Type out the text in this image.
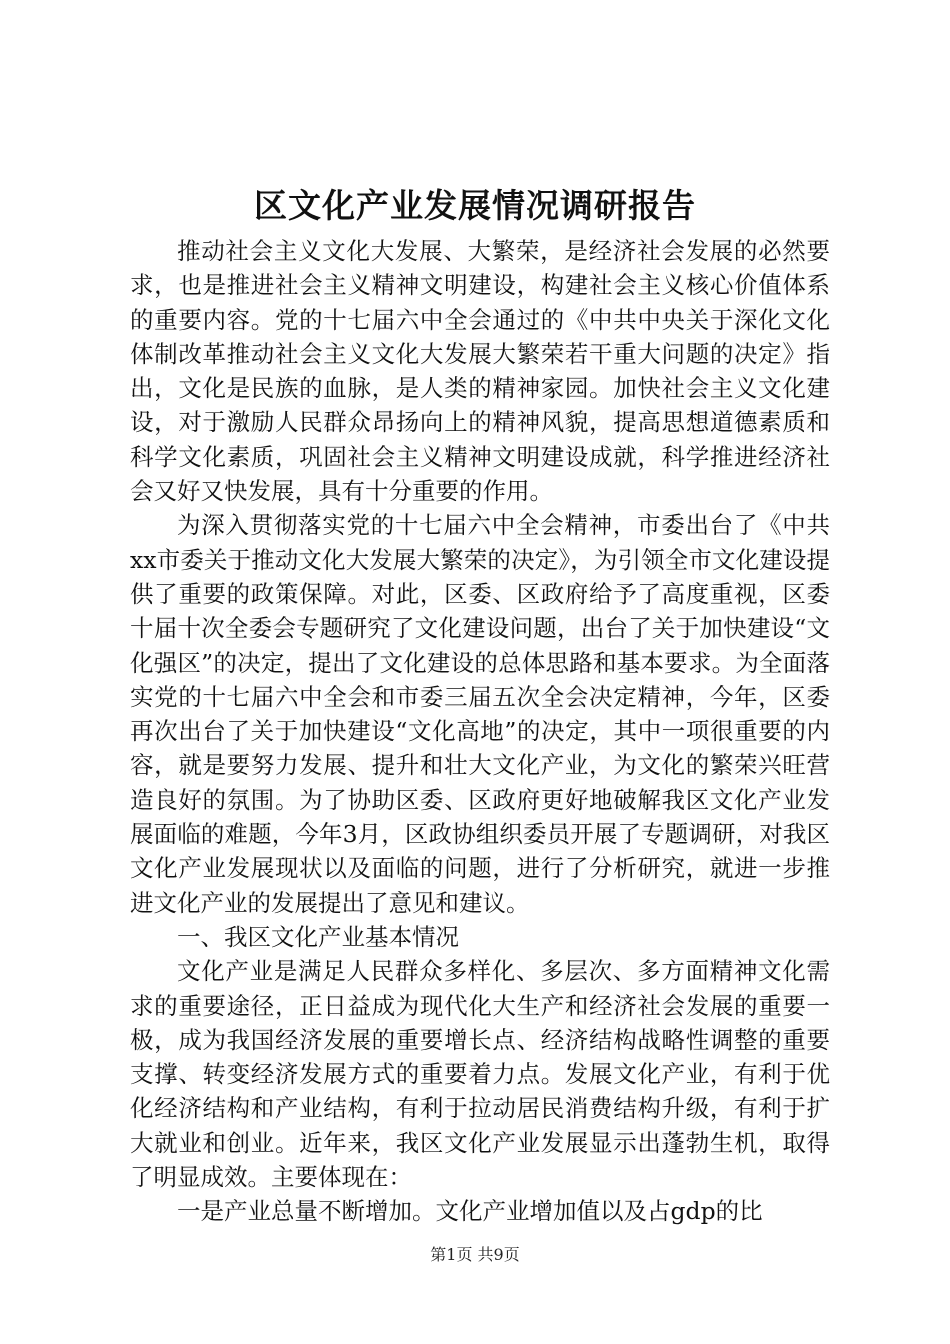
区文化产业发展情况调研报告

推动社会主义文化大发展、大繁荣，是经济社会发展的必然要求，也是推进社会主义精神文明建设，构建社会主义核心价值体系的重要内容。党的十七届六中全会通过的《中共中央关于深化文化体制改革推动社会主义文化大发展大繁荣若干重大问题的决定》指出，文化是民族的血脉，是人类的精神家园。加快社会主义文化建设，对于激励人民群众昂扬向上的精神风貌，提高思想道德素质和科学文化素质，巩固社会主义精神文明建设成就，科学推进经济社会又好又快发展，具有十分重要的作用。

为深入贯彻落实党的十七届六中全会精神，市委出台了《中共xx市委关于推动文化大发展大繁荣的决定》，为引领全市文化建设提供了重要的政策保障。对此，区委、区政府给予了高度重视，区委十届十次全委会专题研究了文化建设问题，出台了关于加快建设“文化强区”的决定，提出了文化建设的总体思路和基本要求。为全面落实党的十七届六中全会和市委三届五次全会决定精神，今年，区委再次出台了关于加快建设“文化高地”的决定，其中一项很重要的内容，就是要努力发展、提升和壮大文化产业，为文化的繁荣兴旺营造良好的氛围。为了协助区委、区政府更好地破解我区文化产业发展面临的难题，今年3月，区政协组织委员开展了专题调研，对我区文化产业发展现状以及面临的问题，进行了分析研究，就进一步推进文化产业的发展提出了意见和建议。

一、我区文化产业基本情况

文化产业是满足人民群众多样化、多层次、多方面精神文化需求的重要途径，正日益成为现代化大生产和经济社会发展的重要一极，成为我国经济发展的重要增长点、经济结构战略性调整的重要支撑、转变经济发展方式的重要着力点。发展文化产业，有利于优化经济结构和产业结构，有利于拉动居民消费结构升级，有利于扩大就业和创业。近年来，我区文化产业发展显示出蓬勃生机，取得了明显成效。主要体现在：

一是产业总量不断增加。文化产业增加值以及占gdp的比

第1页 共9页
